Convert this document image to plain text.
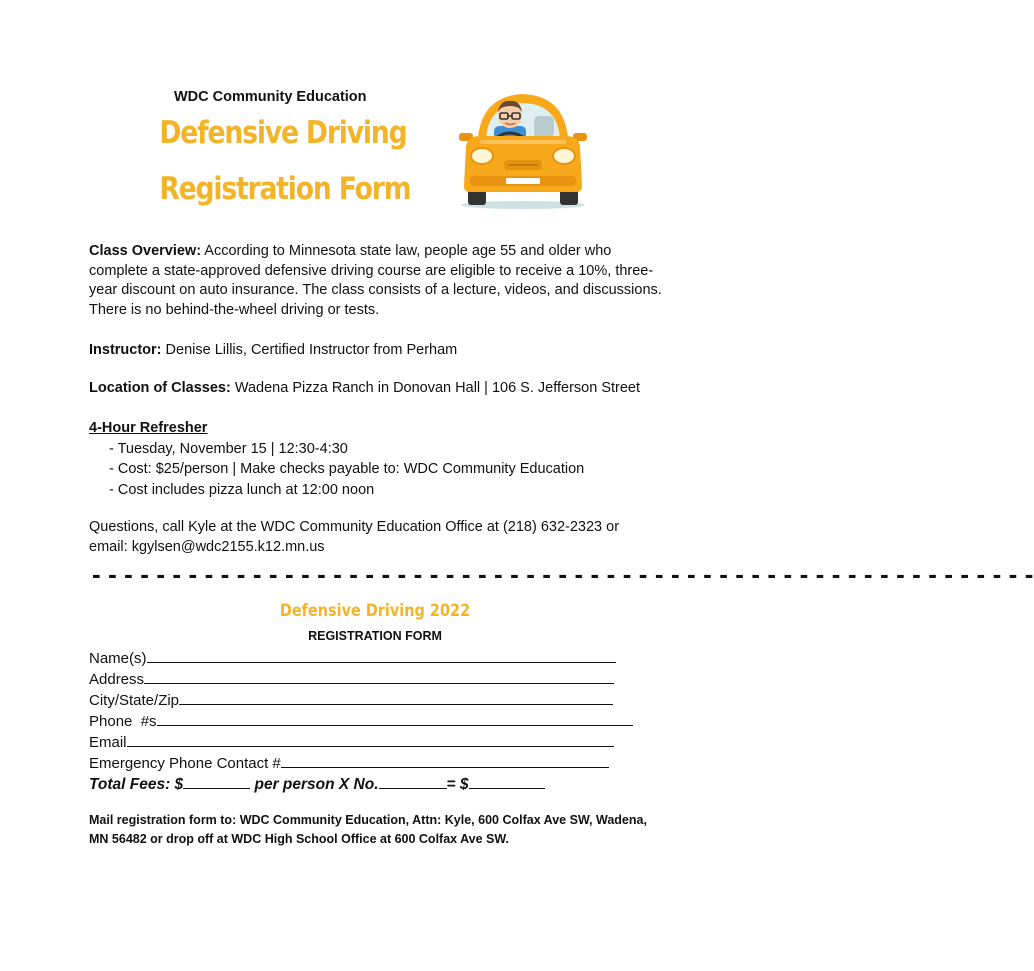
WDC Community Education
Defensive Driving
Registration Form
Class Overview: According to Minnesota state law, people age 55 and older who complete a state-approved defensive driving course are eligible to receive a 10%, three-year discount on auto insurance. The class consists of a lecture, videos, and discussions. There is no behind-the-wheel driving or tests.
Instructor: Denise Lillis, Certified Instructor from Perham
Location of Classes: Wadena Pizza Ranch in Donovan Hall | 106 S. Jefferson Street
4-Hour Refresher
- Tuesday, November 15 | 12:30-4:30
- Cost: $25/person | Make checks payable to: WDC Community Education
- Cost includes pizza lunch at 12:00 noon
Questions, call Kyle at the WDC Community Education Office at (218) 632-2323 or
email: kgylsen@wdc2155.k12.mn.us
- - - - - - - - - - - - - - - - - - - - - - - - - - - - - - - - - - - - - - - - - - - - - - - - - - - - - - - - - - -
Defensive Driving 2022
REGISTRATION FORM
Name(s)
Address
City/State/Zip
Phone  #s
Email
Emergency Phone Contact #
Total Fees: $	per person X No.	= $
Mail registration form to: WDC Community Education, Attn: Kyle, 600 Colfax Ave SW, Wadena, MN 56482 or drop off at WDC High School Office at 600 Colfax Ave SW.
